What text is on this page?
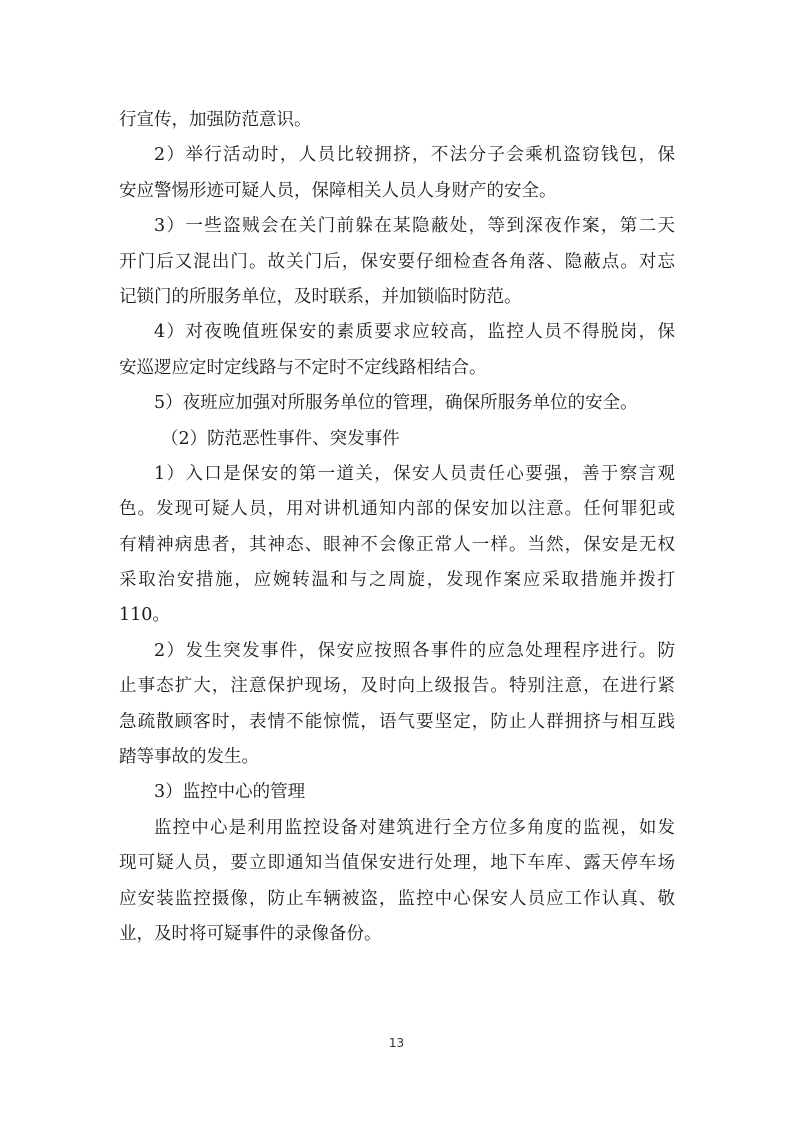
行宣传，加强防范意识。
2）举行活动时，人员比较拥挤，不法分子会乘机盗窃钱包，保
安应警惕形迹可疑人员，保障相关人员人身财产的安全。
3）一些盗贼会在关门前躲在某隐蔽处，等到深夜作案，第二天
开门后又混出门。故关门后，保安要仔细检查各角落、隐蔽点。对忘
记锁门的所服务单位，及时联系，并加锁临时防范。
4）对夜晚值班保安的素质要求应较高，监控人员不得脱岗，保
安巡逻应定时定线路与不定时不定线路相结合。
5）夜班应加强对所服务单位的管理，确保所服务单位的安全。
（2）防范恶性事件、突发事件
1）入口是保安的第一道关，保安人员责任心要强，善于察言观
色。发现可疑人员，用对讲机通知内部的保安加以注意。任何罪犯或
有精神病患者，其神态、眼神不会像正常人一样。当然，保安是无权
采取治安措施，应婉转温和与之周旋，发现作案应采取措施并拨打
110。
2）发生突发事件，保安应按照各事件的应急处理程序进行。防
止事态扩大，注意保护现场，及时向上级报告。特别注意，在进行紧
急疏散顾客时，表情不能惊慌，语气要坚定，防止人群拥挤与相互践
踏等事故的发生。
3）监控中心的管理
监控中心是利用监控设备对建筑进行全方位多角度的监视，如发
现可疑人员，要立即通知当值保安进行处理，地下车库、露天停车场
应安装监控摄像，防止车辆被盗，监控中心保安人员应工作认真、敬
业，及时将可疑事件的录像备份。
13
